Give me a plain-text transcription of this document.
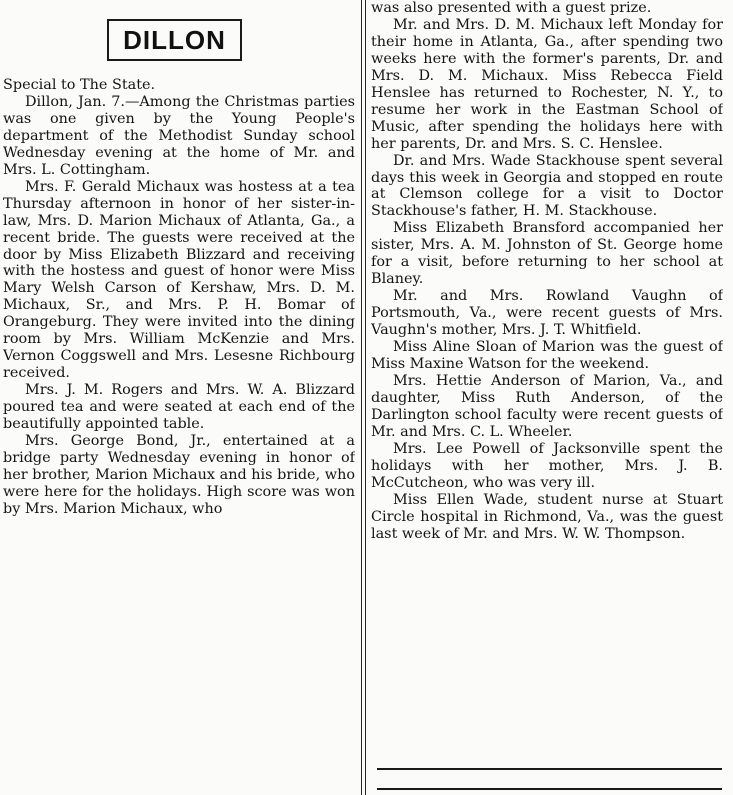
DILLON

Special to The State.

Dillon, Jan. 7.—Among the Christmas parties was one given by the Young People's department of the Methodist Sunday school Wednesday evening at the home of Mr. and Mrs. L. Cottingham.

Mrs. F. Gerald Michaux was hostess at a tea Thursday afternoon in honor of her sister-in-law, Mrs. D. Marion Michaux of Atlanta, Ga., a recent bride. The guests were received at the door by Miss Elizabeth Blizzard and receiving with the hostess and guest of honor were Miss Mary Welsh Carson of Kershaw, Mrs. D. M. Michaux, Sr., and Mrs. P. H. Bomar of Orangeburg. They were invited into the dining room by Mrs. William McKenzie and Mrs. Vernon Coggswell and Mrs. Lesesne Richbourg received.

Mrs. J. M. Rogers and Mrs. W. A. Blizzard poured tea and were seated at each end of the beautifully appointed table.

Mrs. George Bond, Jr., entertained at a bridge party Wednesday evening in honor of her brother, Marion Michaux and his bride, who were here for the holidays. High score was won by Mrs. Marion Michaux, who

was also presented with a guest prize.

Mr. and Mrs. D. M. Michaux left Monday for their home in Atlanta, Ga., after spending two weeks here with the former's parents, Dr. and Mrs. D. M. Michaux. Miss Rebecca Field Henslee has returned to Rochester, N. Y., to resume her work in the Eastman School of Music, after spending the holidays here with her parents, Dr. and Mrs. S. C. Henslee.

Dr. and Mrs. Wade Stackhouse spent several days this week in Georgia and stopped en route at Clemson college for a visit to Doctor Stackhouse's father, H. M. Stackhouse.

Miss Elizabeth Bransford accompanied her sister, Mrs. A. M. Johnston of St. George home for a visit, before returning to her school at Blaney.

Mr. and Mrs. Rowland Vaughn of Portsmouth, Va., were recent guests of Mrs. Vaughn's mother, Mrs. J. T. Whitfield.

Miss Aline Sloan of Marion was the guest of Miss Maxine Watson for the weekend.

Mrs. Hettie Anderson of Marion, Va., and daughter, Miss Ruth Anderson, of the Darlington school faculty were recent guests of Mr. and Mrs. C. L. Wheeler.

Mrs. Lee Powell of Jacksonville spent the holidays with her mother, Mrs. J. B. McCutcheon, who was very ill.

Miss Ellen Wade, student nurse at Stuart Circle hospital in Richmond, Va., was the guest last week of Mr. and Mrs. W. W. Thompson.
